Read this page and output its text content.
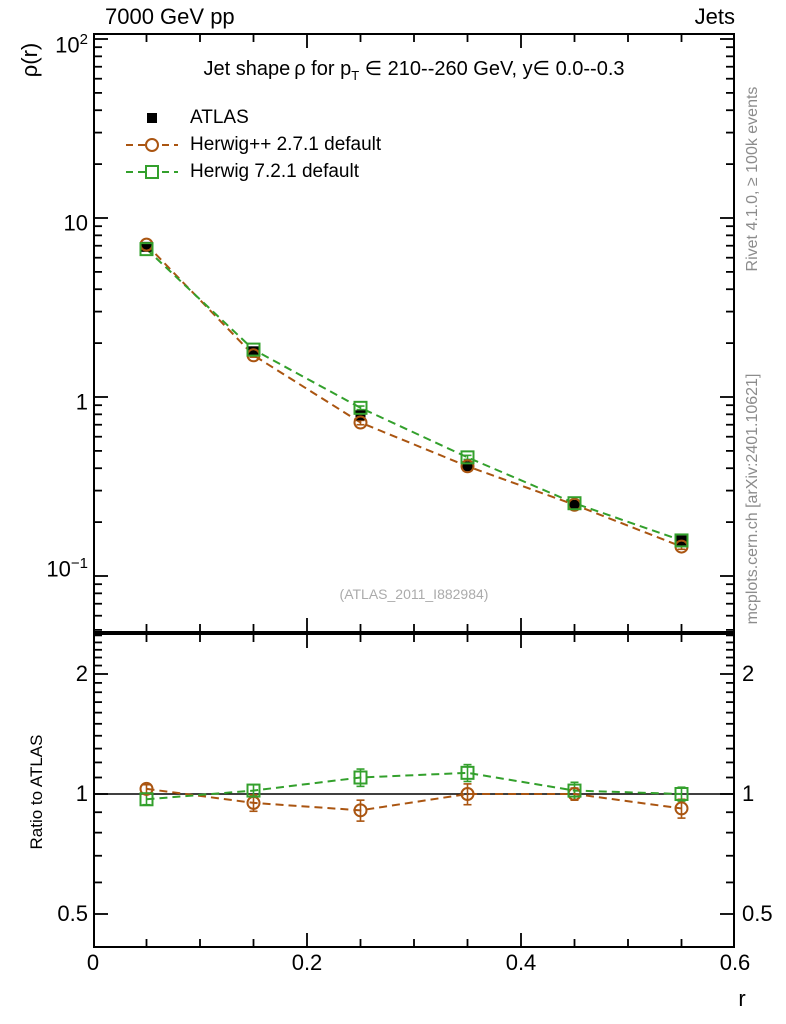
7000 GeV pp	Jets
ρ(r) $10^2$
10
1
$10^{-1}$
Jet shape ρ for $p_T$ ∈ 210--260 GeV, y∈ 0.0--0.3
ATLAS
Herwig++ 2.7.1 default
Herwig 7.2.1 default
(ATLAS_2011_I882984)
Rivet 4.1.0, ≥ 100k events
mcplots.cern.ch [arXiv:2401.10621]
Ratio to ATLAS
2
1
0.5
2
1
0.5
0	0.2	0.4	0.6
r
